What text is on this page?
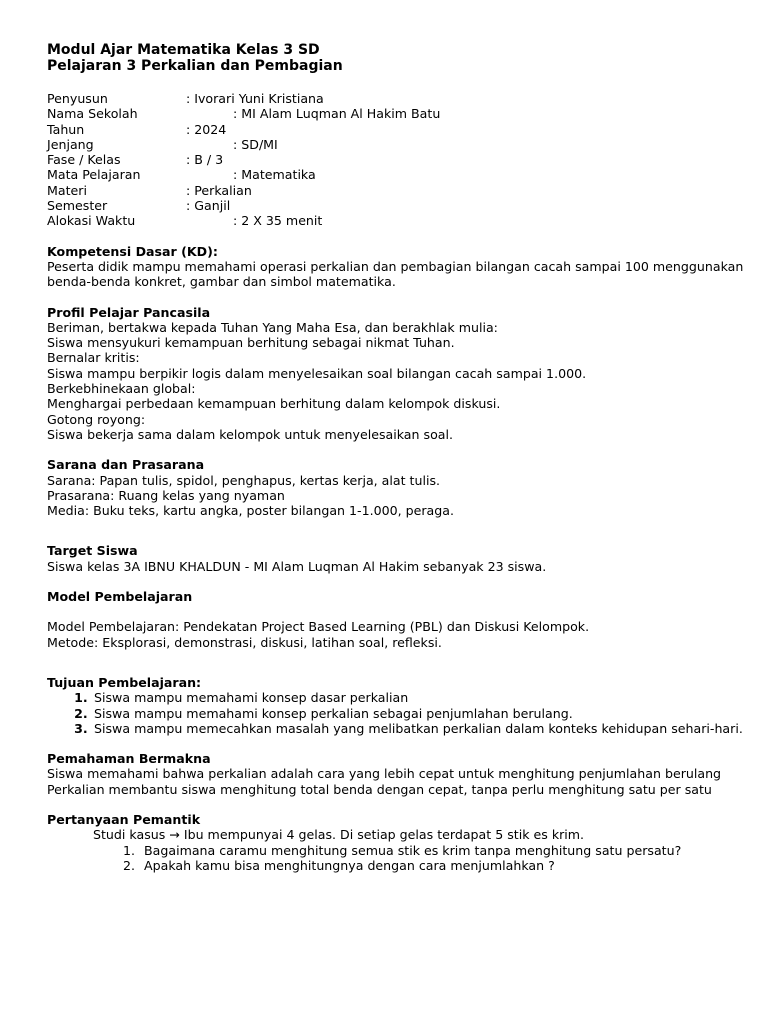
Modul Ajar Matematika Kelas 3 SD
Pelajaran 3 Perkalian dan Pembagian
Penyusun	: Ivorari Yuni Kristiana
Nama Sekolah	: MI Alam Luqman Al Hakim Batu
Tahun	: 2024
Jenjang	: SD/MI
Fase / Kelas	: B / 3
Mata Pelajaran	: Matematika
Materi	: Perkalian
Semester	: Ganjil
Alokasi Waktu	: 2 X 35 menit
Kompetensi Dasar (KD):
Peserta didik mampu memahami operasi perkalian dan pembagian bilangan cacah sampai 100 menggunakan benda-benda konkret, gambar dan simbol matematika.
Profil Pelajar Pancasila
Beriman, bertakwa kepada Tuhan Yang Maha Esa, dan berakhlak mulia:
Siswa mensyukuri kemampuan berhitung sebagai nikmat Tuhan.
Bernalar kritis:
Siswa mampu berpikir logis dalam menyelesaikan soal bilangan cacah sampai 1.000.
Berkebhinekaan global:
Menghargai perbedaan kemampuan berhitung dalam kelompok diskusi.
Gotong royong:
Siswa bekerja sama dalam kelompok untuk menyelesaikan soal.
Sarana dan Prasarana
Sarana: Papan tulis, spidol, penghapus, kertas kerja, alat tulis.
Prasarana: Ruang kelas yang nyaman
Media: Buku teks, kartu angka, poster bilangan 1-1.000, peraga.
Target Siswa
Siswa kelas 3A IBNU KHALDUN - MI Alam Luqman Al Hakim sebanyak 23 siswa.
Model Pembelajaran
Model Pembelajaran: Pendekatan Project Based Learning (PBL) dan Diskusi Kelompok.
Metode: Eksplorasi, demonstrasi, diskusi, latihan soal, refleksi.
Tujuan Pembelajaran:
1. Siswa mampu memahami konsep dasar perkalian
2. Siswa mampu memahami konsep perkalian sebagai penjumlahan berulang.
3. Siswa mampu memecahkan masalah yang melibatkan perkalian dalam konteks kehidupan sehari-hari.
Pemahaman Bermakna
Siswa memahami bahwa perkalian adalah cara yang lebih cepat untuk menghitung penjumlahan berulang
Perkalian membantu siswa menghitung total benda dengan cepat, tanpa perlu menghitung satu per satu
Pertanyaan Pemantik
Studi kasus → Ibu mempunyai 4 gelas. Di setiap gelas terdapat 5 stik es krim.
1. Bagaimana caramu menghitung semua stik es krim tanpa menghitung satu persatu?
2. Apakah kamu bisa menghitungnya dengan cara menjumlahkan ?
